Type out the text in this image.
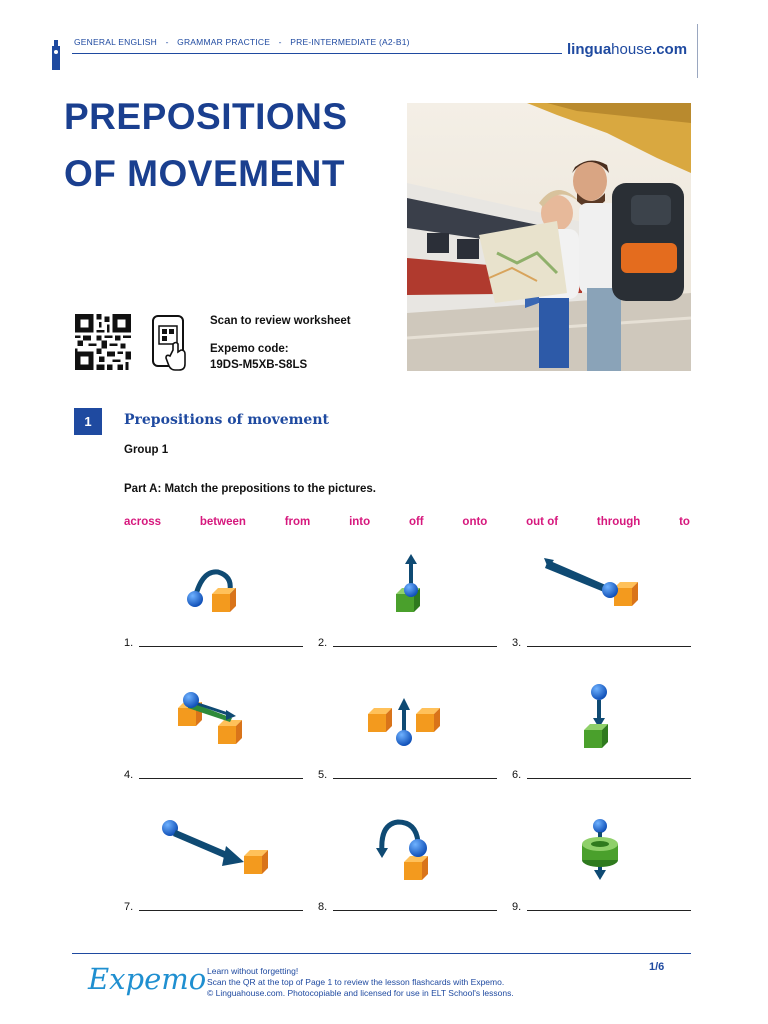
GENERAL ENGLISH - GRAMMAR PRACTICE - PRE-INTERMEDIATE (A2-B1)	linguahouse.com
PREPOSITIONS
OF MOVEMENT
Scan to review worksheet
Expemo code:
19DS-M5XB-S8LS
1	Prepositions of movement
Group 1
Part A: Match the prepositions to the pictures.
across	between	from	into	off	onto	out of	through	to
1.	2.	3.
4.	5.	6.
7.	8.	9.
Expemo Learn without forgetting!
Scan the QR at the top of Page 1 to review the lesson flashcards with Expemo.
© Linguahouse.com. Photocopiable and licensed for use in ELT School's lessons.
1/6
